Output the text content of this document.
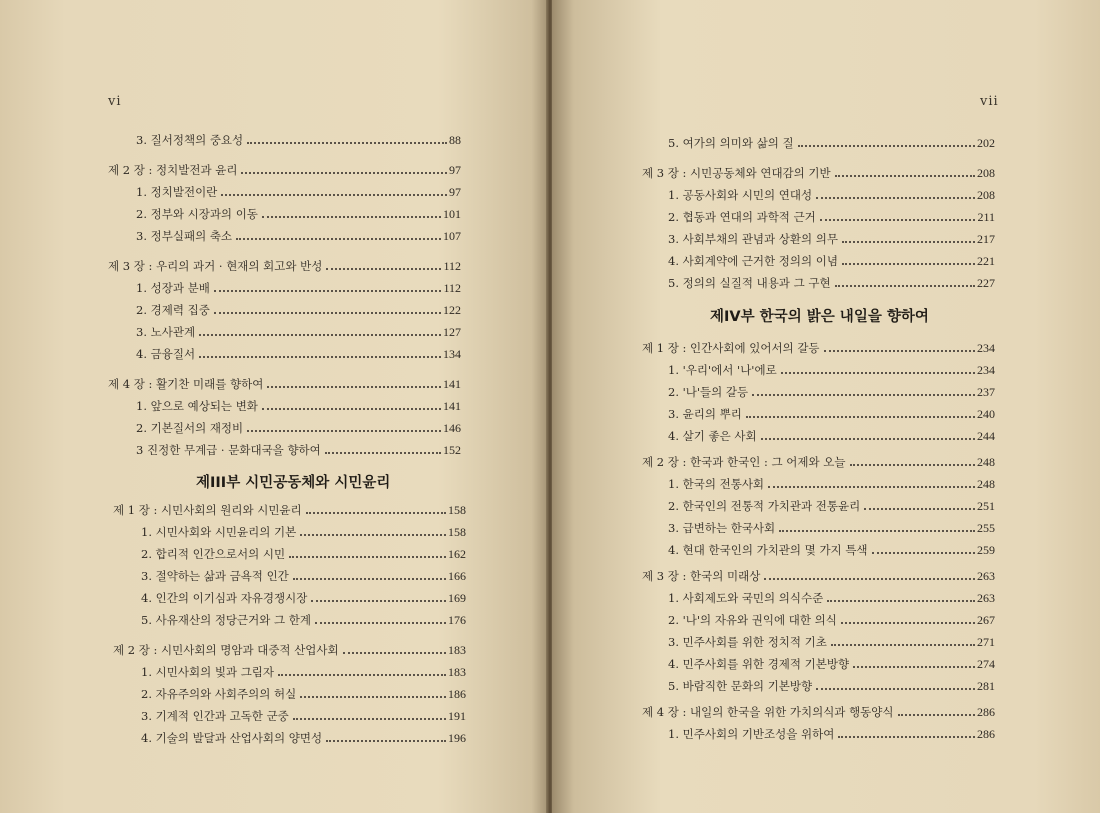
vi
3. 질서정책의 중요성	88
제 2 장 : 정치발전과 윤리	97
1. 정치발전이란	97
2. 정부와 시장과의 이동	101
3. 정부실패의 축소	107
제 3 장 : 우리의 과거 · 현재의 회고와 반성	112
1. 성장과 분배	112
2. 경제력 집중	122
3. 노사관계	127
4. 금융질서	134
제 4 장 : 활기찬 미래를 향하여	141
1. 앞으로 예상되는 변화	141
2. 기본질서의 재정비	146
3 진정한 무계급 · 문화대국을 향하여	152
제III부 시민공동체와 시민윤리
제 1 장 : 시민사회의 원리와 시민윤리	158
1. 시민사회와 시민윤리의 기본	158
2. 합리적 인간으로서의 시민	162
3. 절약하는 삶과 금욕적 인간	166
4. 인간의 이기심과 자유경쟁시장	169
5. 사유재산의 정당근거와 그 한계	176
제 2 장 : 시민사회의 명암과 대중적 산업사회	183
1. 시민사회의 빛과 그림자	183
2. 자유주의와 사회주의의 허실	186
3. 기계적 인간과 고독한 군중	191
4. 기술의 발달과 산업사회의 양면성	196
vii
5. 여가의 의미와 삶의 질	202
제 3 장 : 시민공동체와 연대감의 기반	208
1. 공동사회와 시민의 연대성	208
2. 협동과 연대의 과학적 근거	211
3. 사회부채의 관념과 상환의 의무	217
4. 사회계약에 근거한 정의의 이념	221
5. 정의의 실질적 내용과 그 구현	227
제IV부 한국의 밝은 내일을 향하여
제 1 장 : 인간사회에 있어서의 갈등	234
1. '우리'에서 '나'에로	234
2. '나'들의 갈등	237
3. 윤리의 뿌리	240
4. 살기 좋은 사회	244
제 2 장 : 한국과 한국인 : 그 어제와 오늘	248
1. 한국의 전통사회	248
2. 한국인의 전통적 가치관과 전통윤리	251
3. 급변하는 한국사회	255
4. 현대 한국인의 가치관의 몇 가지 특색	259
제 3 장 : 한국의 미래상	263
1. 사회제도와 국민의 의식수준	263
2. '나'의 자유와 권익에 대한 의식	267
3. 민주사회를 위한 정치적 기초	271
4. 민주사회를 위한 경제적 기본방향	274
5. 바람직한 문화의 기본방향	281
제 4 장 : 내일의 한국을 위한 가치의식과 행동양식	286
1. 민주사회의 기반조성을 위하여	286
